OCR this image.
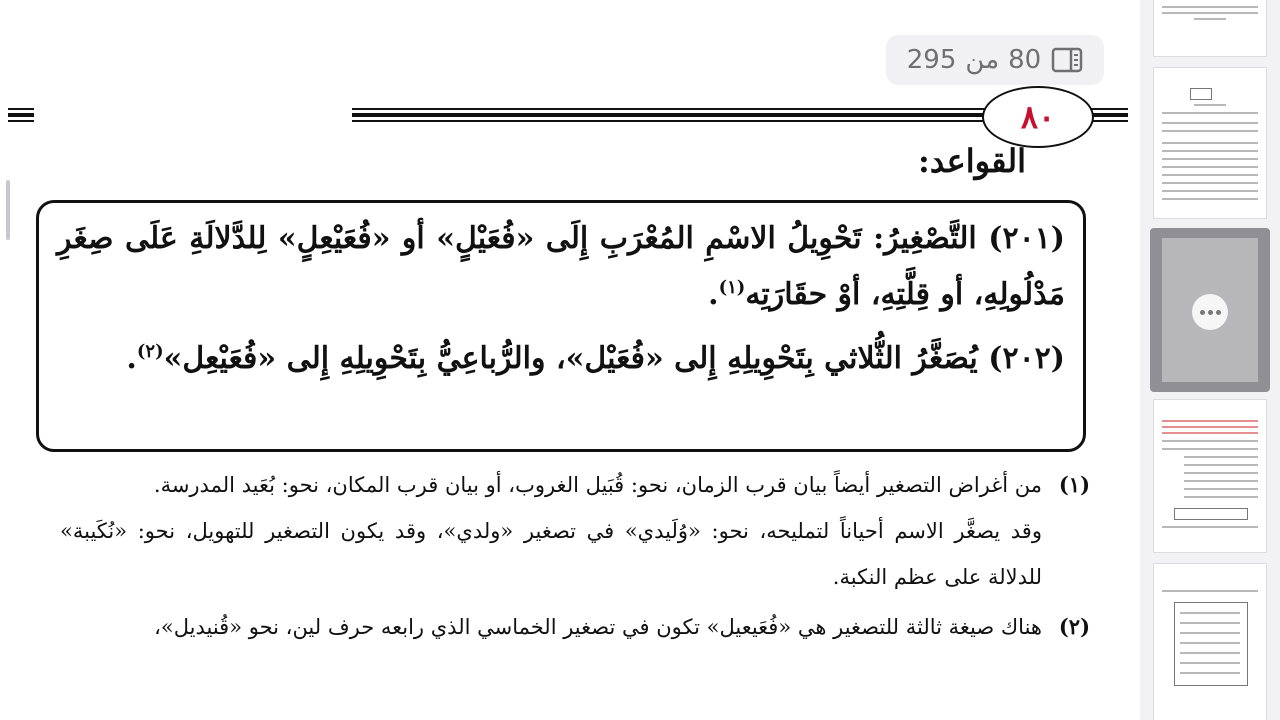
295 من 80
٨٠
القواعد:

(٢٠١) التَّصْغِيرُ: تَحْوِيلُ الاسْمِ المُعْرَبِ إِلَى «فُعَيْلٍ» أو «فُعَيْعِلٍ» لِلدَّلالَةِ عَلَى صِغَرِ مَدْلُولِهِ، أو قِلَّتِهِ، أوْ حقَارَتِه$^{(١)}$.

(٢٠٢) يُصَغَّرُ الثُّلاثي بِتَحْوِيلِهِ إِلى «فُعَيْل»، والرُّباعِيُّ بِتَحْوِيلِهِ إِلى «فُعَيْعِل»$^{(٢)}$.

(١)

من أغراض التصغير أيضاً بيان قرب الزمان، نحو: قُبَيل الغروب، أو بيان قرب المكان، نحو: بُعَيد المدرسة.

وقد يصغَّر الاسم أحياناً لتمليحه، نحو: «وُلَيدي» في تصغير «ولدي»، وقد يكون التصغير للتهويل، نحو: «نُكَيبة» للدلالة على عظم النكبة.

(٢)

هناك صيغة ثالثة للتصغير هي «فُعَيعيل» تكون في تصغير الخماسي الذي رابعه حرف لين، نحو «قُنيديل»،
